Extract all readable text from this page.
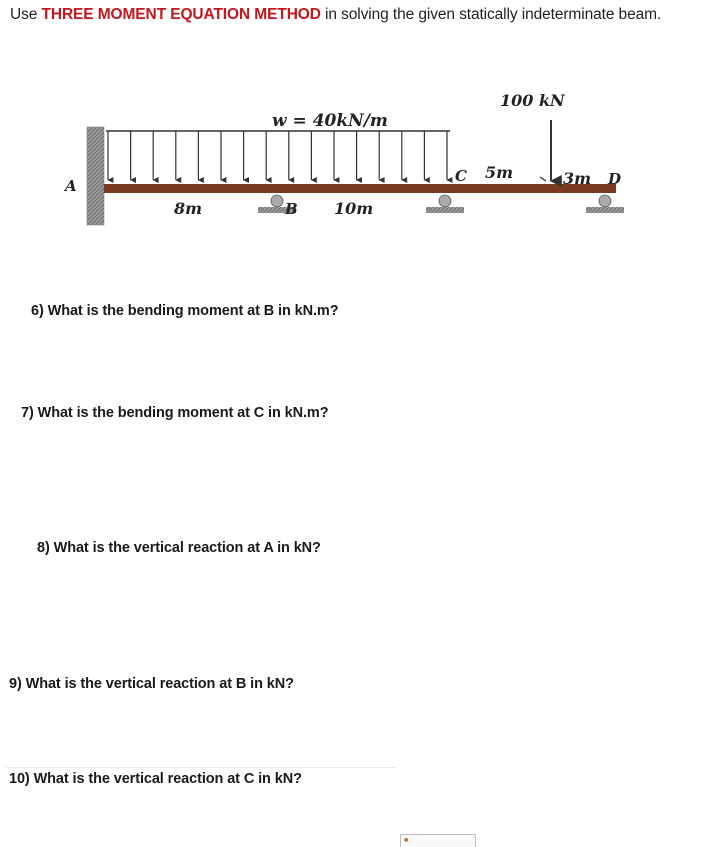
Use THREE MOMENT EQUATION METHOD in solving the given statically indeterminate beam.
w = 40kN/m
100 kN
A
B
C	D
8m	10m
5m	3m
6) What is the bending moment at B in kN.m?
7) What is the bending moment at C in kN.m?
8) What is the vertical reaction at A in kN?
9) What is the vertical reaction at B in kN?
10) What is the vertical reaction at C in kN?
■
